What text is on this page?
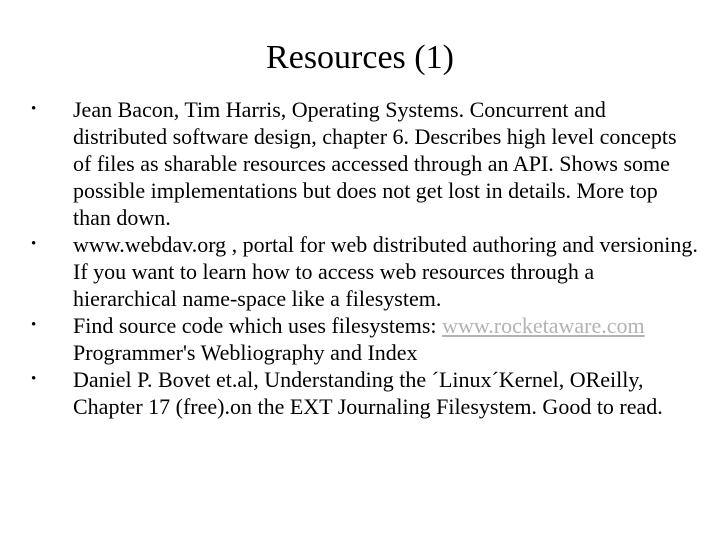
Resources (1)
• Jean Bacon, Tim Harris, Operating Systems. Concurrent and distributed software design, chapter 6. Describes high level concepts of files as sharable resources accessed through an API. Shows some possible implementations but does not get lost in details. More top than down.
• www.webdav.org , portal for web distributed authoring and versioning. If you want to learn how to access web resources through a hierarchical name-space like a filesystem.
• Find source code which uses filesystems: www.rocketaware.com Programmer's Webliography and Index
• Daniel P. Bovet et.al, Understanding the ´Linux´Kernel, OReilly, Chapter 17 (free).on the EXT Journaling Filesystem. Good to read.
